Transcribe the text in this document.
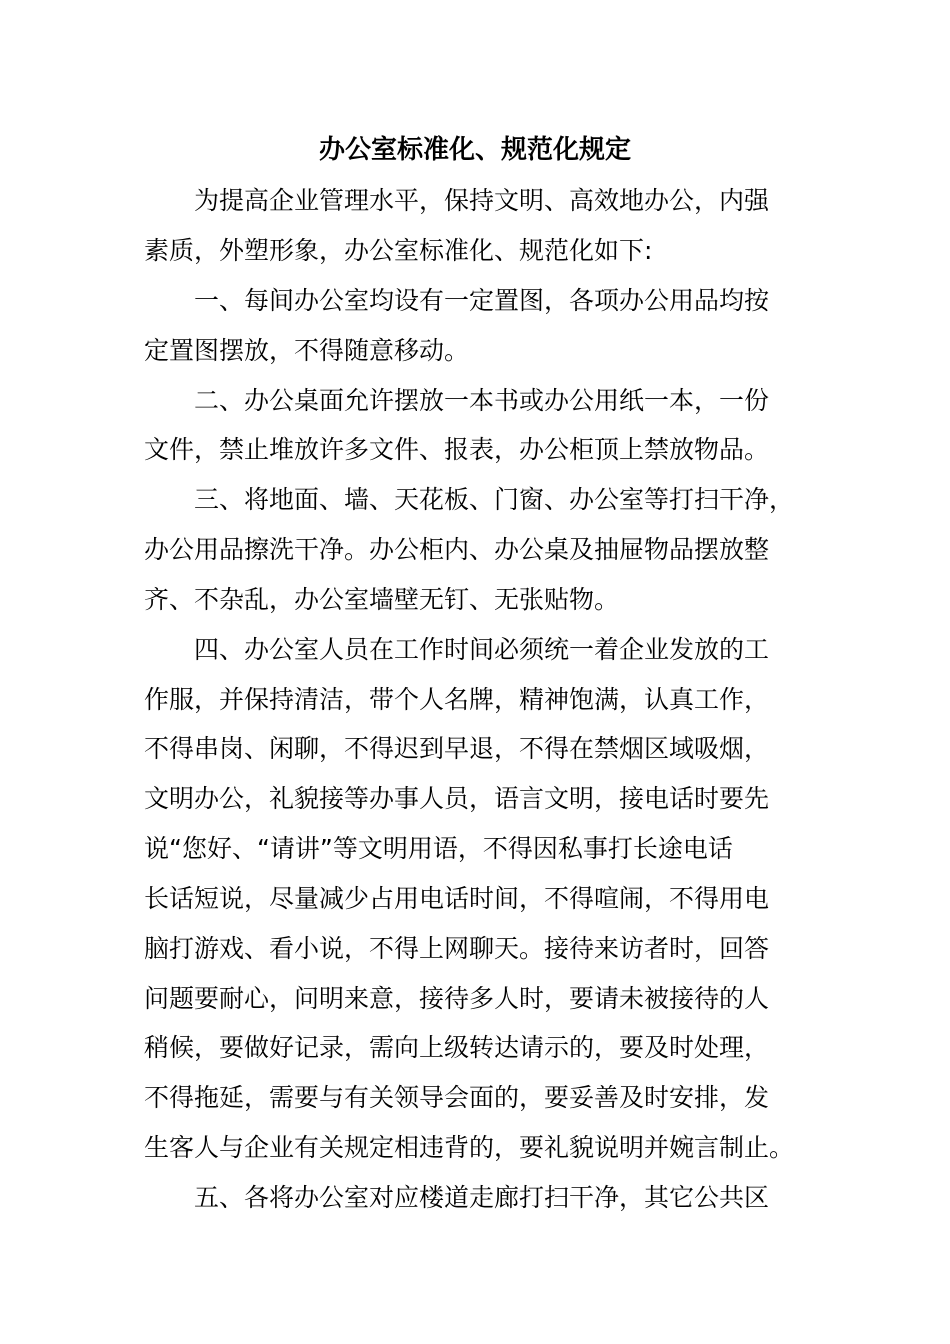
办公室标准化、规范化规定
为提高企业管理水平，保持文明、高效地办公，内强
素质，外塑形象，办公室标准化、规范化如下:
一、每间办公室均设有一定置图，各项办公用品均按
定置图摆放，不得随意移动。
二、办公桌面允许摆放一本书或办公用纸一本，一份
文件，禁止堆放许多文件、报表，办公柜顶上禁放物品。
三、将地面、墙、天花板、门窗、办公室等打扫干净，
办公用品擦洗干净。办公柜内、办公桌及抽屉物品摆放整
齐、不杂乱，办公室墙壁无钉、无张贴物。
四、办公室人员在工作时间必须统一着企业发放的工
作服，并保持清洁，带个人名牌，精神饱满，认真工作，
不得串岗、闲聊，不得迟到早退，不得在禁烟区域吸烟，
文明办公，礼貌接等办事人员，语言文明，接电话时要先
说“您好、“请讲”等文明用语，不得因私事打长途电话
长话短说，尽量减少占用电话时间，不得喧闹，不得用电
脑打游戏、看小说，不得上网聊天。接待来访者时，回答
问题要耐心，问明来意，接待多人时，要请未被接待的人
稍候，要做好记录，需向上级转达请示的，要及时处理，
不得拖延，需要与有关领导会面的，要妥善及时安排，发
生客人与企业有关规定相违背的，要礼貌说明并婉言制止。
五、各将办公室对应楼道走廊打扫干净，其它公共区
